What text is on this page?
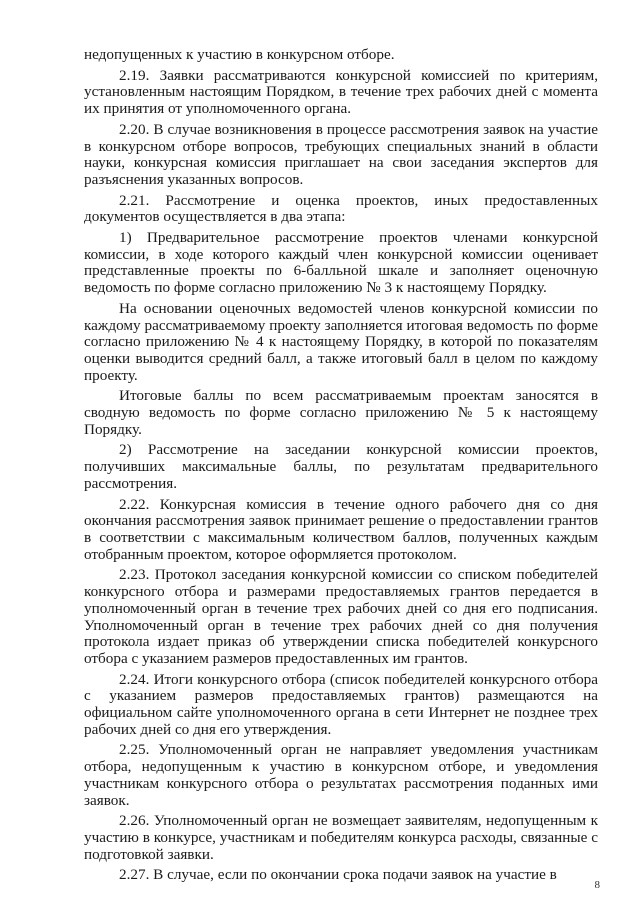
недопущенных к участию в конкурсном отборе.

2.19. Заявки рассматриваются конкурсной комиссией по критериям, установленным настоящим Порядком, в течение трех рабочих дней с момента их принятия от уполномоченного органа.

2.20. В случае возникновения в процессе рассмотрения заявок на участие в конкурсном отборе вопросов, требующих специальных знаний в области науки, конкурсная комиссия приглашает на свои заседания экспертов для разъяснения указанных вопросов.

2.21. Рассмотрение и оценка проектов, иных предоставленных документов осуществляется в два этапа:

1) Предварительное рассмотрение проектов членами конкурсной комиссии, в ходе которого каждый член конкурсной комиссии оценивает представленные проекты по 6-балльной шкале и заполняет оценочную ведомость по форме согласно приложению № 3 к настоящему Порядку.

На основании оценочных ведомостей членов конкурсной комиссии по каждому рассматриваемому проекту заполняется итоговая ведомость по форме согласно приложению № 4 к настоящему Порядку, в которой по показателям оценки выводится средний балл, а также итоговый балл в целом по каждому проекту.

Итоговые баллы по всем рассматриваемым проектам заносятся в сводную ведомость по форме согласно приложению № 5 к настоящему Порядку.

2) Рассмотрение на заседании конкурсной комиссии проектов, получивших максимальные баллы, по результатам предварительного рассмотрения.

2.22. Конкурсная комиссия в течение одного рабочего дня со дня окончания рассмотрения заявок принимает решение о предоставлении грантов в соответствии с максимальным количеством баллов, полученных каждым отобранным проектом, которое оформляется протоколом.

2.23. Протокол заседания конкурсной комиссии со списком победителей конкурсного отбора и размерами предоставляемых грантов передается в уполномоченный орган в течение трех рабочих дней со дня его подписания. Уполномоченный орган в течение трех рабочих дней со дня получения протокола издает приказ об утверждении списка победителей конкурсного отбора с указанием размеров предоставленных им грантов.

2.24. Итоги конкурсного отбора (список победителей конкурсного отбора с указанием размеров предоставляемых грантов) размещаются на официальном сайте уполномоченного органа в сети Интернет не позднее трех рабочих дней со дня его утверждения.

2.25. Уполномоченный орган не направляет уведомления участникам отбора, недопущенным к участию в конкурсном отборе, и уведомления участникам конкурсного отбора о результатах рассмотрения поданных ими заявок.

2.26. Уполномоченный орган не возмещает заявителям, недопущенным к участию в конкурсе, участникам и победителям конкурса расходы, связанные с подготовкой заявки.

2.27. В случае, если по окончании срока подачи заявок на участие в

8
